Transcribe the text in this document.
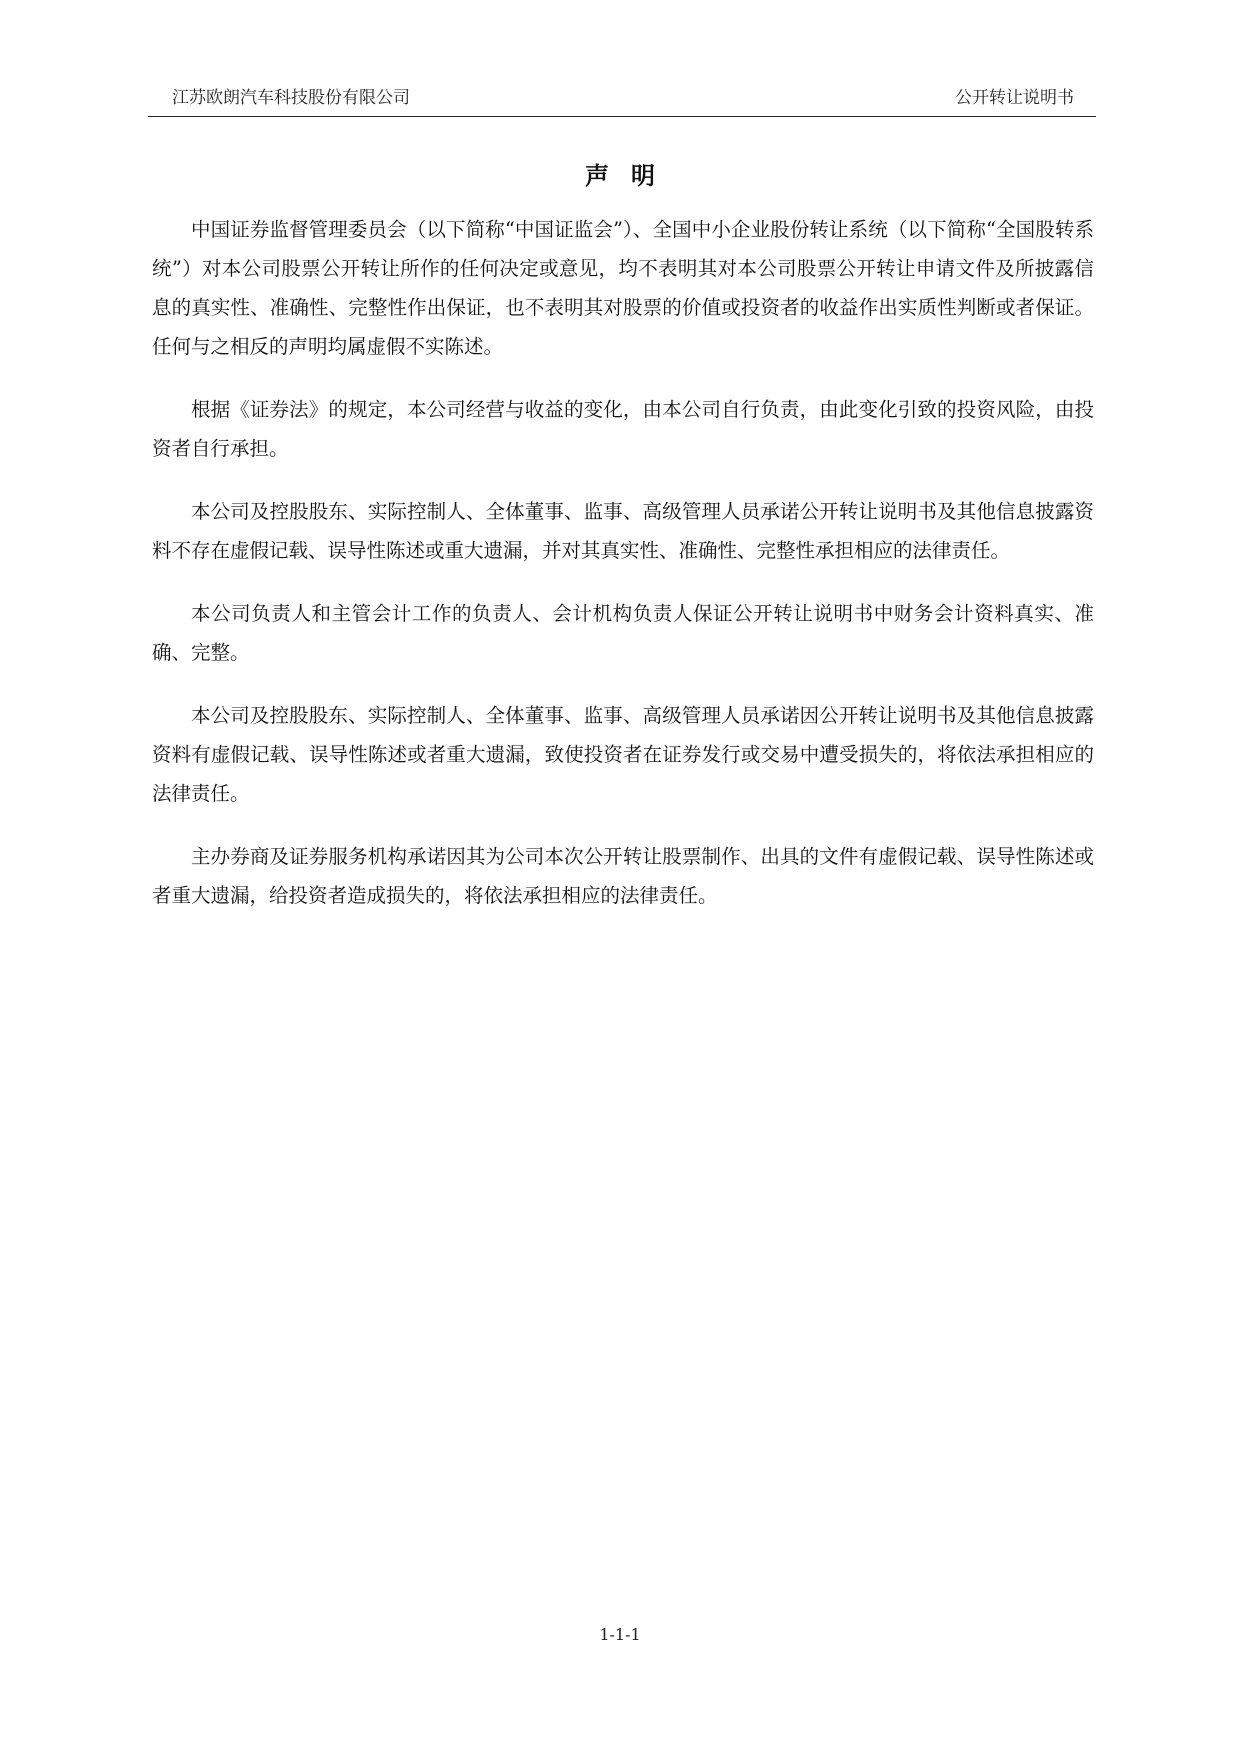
江苏欧朗汽车科技股份有限公司	公开转让说明书
声明

中国证券监督管理委员会（以下简称“中国证监会”）、全国中小企业股份转让系统（以下简称“全国股转系统”）对本公司股票公开转让所作的任何决定或意见，均不表明其对本公司股票公开转让申请文件及所披露信息的真实性、准确性、完整性作出保证，也不表明其对股票的价值或投资者的收益作出实质性判断或者保证。任何与之相反的声明均属虚假不实陈述。

根据《证券法》的规定，本公司经营与收益的变化，由本公司自行负责，由此变化引致的投资风险，由投资者自行承担。

本公司及控股股东、实际控制人、全体董事、监事、高级管理人员承诺公开转让说明书及其他信息披露资料不存在虚假记载、误导性陈述或重大遗漏，并对其真实性、准确性、完整性承担相应的法律责任。

本公司负责人和主管会计工作的负责人、会计机构负责人保证公开转让说明书中财务会计资料真实、准确、完整。

本公司及控股股东、实际控制人、全体董事、监事、高级管理人员承诺因公开转让说明书及其他信息披露资料有虚假记载、误导性陈述或者重大遗漏，致使投资者在证券发行或交易中遭受损失的，将依法承担相应的法律责任。

主办券商及证券服务机构承诺因其为公司本次公开转让股票制作、出具的文件有虚假记载、误导性陈述或者重大遗漏，给投资者造成损失的，将依法承担相应的法律责任。

1-1-1
